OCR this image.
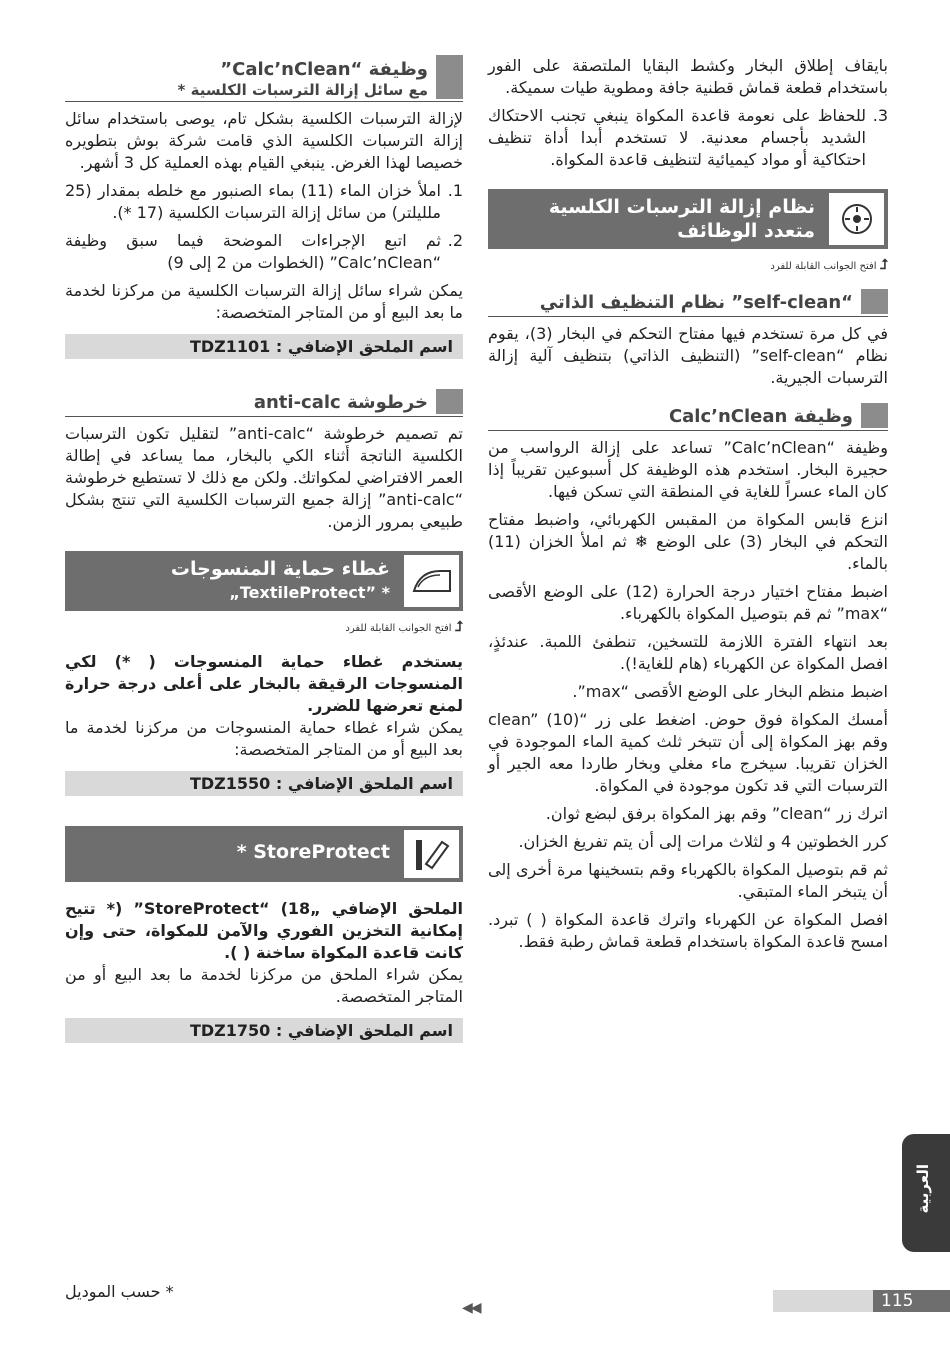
بايقاف إطلاق البخار وكشط البقايا الملتصقة على الفور باستخدام قطعة قماش قطنية جافة ومطوية طيات سميكة.

3.

للحفاظ على نعومة قاعدة المكواة ينبغي تجنب الاحتكاك الشديد بأجسام معدنية. لا تستخدم أبدا أداة تنظيف احتكاكية أو مواد كيميائية لتنظيف قاعدة المكواة.

نظام إزالة الترسبات الكلسية متعدد الوظائف
⮥ افتح الجوانب القابلة للفرد
“self-clean” نظام التنظيف الذاتي

في كل مرة تستخدم فيها مفتاح التحكم في البخار (3)، يقوم نظام “self-clean” (التنظيف الذاتي) بتنظيف آلية إزالة الترسبات الجيرية.

وظيفة Calc’nClean

وظيفة “Calc’nClean” تساعد على إزالة الرواسب من حجيرة البخار. استخدم هذه الوظيفة كل أسبوعين تقريباً إذا كان الماء عسراً للغاية في المنطقة التي تسكن فيها.

انزع قابس المكواة من المقبس الكهربائي، واضبط مفتاح التحكم في البخار (3) على الوضع ❄ ثم املأ الخزان (11) بالماء.

اضبط مفتاح اختيار درجة الحرارة (12) على الوضع الأقصى “max” ثم قم بتوصيل المكواة بالكهرباء.

بعد انتهاء الفترة اللازمة للتسخين، تنطفئ اللمبة. عندئذٍ، افصل المكواة عن الكهرباء (هام للغاية!).

اضبط منظم البخار على الوضع الأقصى “max”.

أمسك المكواة فوق حوض. اضغط على زر “clean” (10) وقم بهز المكواة إلى أن تتبخر ثلث كمية الماء الموجودة في الخزان تقريبا. سيخرج ماء مغلي وبخار طاردا معه الجير أو الترسبات التي قد تكون موجودة في المكواة.

اترك زر “clean” وقم بهز المكواة برفق لبضع ثوان.

كرر الخطوتين 4 و لثلاث مرات إلى أن يتم تفريغ الخزان.

ثم قم بتوصيل المكواة بالكهرباء وقم بتسخينها مرة أخرى إلى أن يتبخر الماء المتبقي.

افصل المكواة عن الكهرباء واترك قاعدة المكواة ( ) تبرد. امسح قاعدة المكواة باستخدام قطعة قماش رطبة فقط.

وظيفة “Calc’nClean”
مع سائل إزالة الترسبات الكلسية *

لإزالة الترسبات الكلسية بشكل تام، يوصى باستخدام سائل إزالة الترسبات الكلسية الذي قامت شركة بوش بتطويره خصيصا لهذا الغرض. ينبغي القيام بهذه العملية كل 3 أشهر.

1.

املأ خزان الماء (11) بماء الصنبور مع خلطه بمقدار (25 ملليلتر) من سائل إزالة الترسبات الكلسية (17 *).

2.

ثم اتبع الإجراءات الموضحة فيما سبق وظيفة “Calc’nClean” (الخطوات من 2 إلى 9)

يمكن شراء سائل إزالة الترسبات الكلسية من مركزنا لخدمة ما بعد البيع أو من المتاجر المتخصصة:

اسم الملحق الإضافي : TDZ1101
خرطوشة anti-calc

تم تصميم خرطوشة “anti-calc” لتقليل تكون الترسبات الكلسية الناتجة أثناء الكي بالبخار، مما يساعد في إطالة العمر الافتراضي لمكواتك. ولكن مع ذلك لا تستطيع خرطوشة “anti-calc” إزالة جميع الترسبات الكلسية التي تنتج بشكل طبيعي بمرور الزمن.

غطاء حماية المنسوجات
* ”TextileProtect„
⮥ افتح الجوانب القابلة للفرد

يستخدم غطاء حماية المنسوجات ( *) لكي المنسوجات الرقيقة بالبخار على أعلى درجة حرارة لمنع تعرضها للضرر.

يمكن شراء غطاء حماية المنسوجات من مركزنا لخدمة ما بعد البيع أو من المتاجر المتخصصة:

اسم الملحق الإضافي : TDZ1550
StoreProtect *

الملحق الإضافي „18) “StoreProtect” (* تتيح إمكانية التخزين الفوري والآمن للمكواة، حتى وإن كانت قاعدة المكواة ساخنة ( ).

يمكن شراء الملحق من مركزنا لخدمة ما بعد البيع أو من المتاجر المتخصصة.

اسم الملحق الإضافي : TDZ1750
* حسب الموديل
◀◀
العربية
115
